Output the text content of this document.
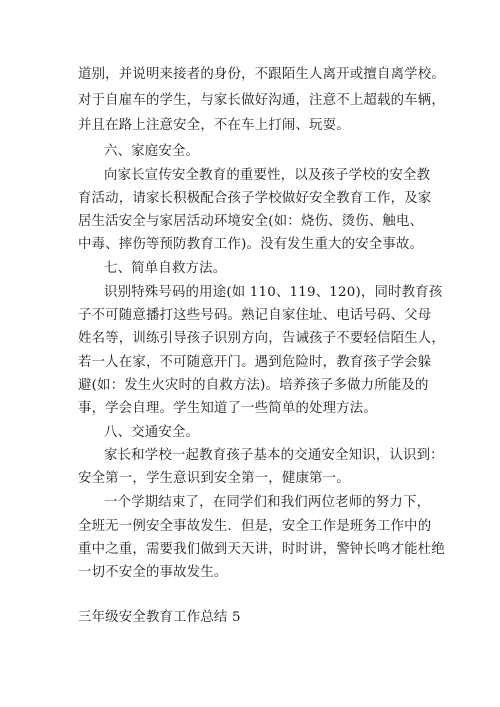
道别，并说明来接者的身份，不跟陌生人离开或擅自离学校。
对于自雇车的学生，与家长做好沟通，注意不上超载的车辆，
并且在路上注意安全，不在车上打闹、玩耍。
六、家庭安全。
向家长宣传安全教育的重要性，以及孩子学校的安全教
育活动，请家长积极配合孩子学校做好安全教育工作，及家
居生活安全与家居活动环境安全(如：烧伤、烫伤、触电、
中毒、摔伤等预防教育工作)。没有发生重大的安全事故。
七、简单自救方法。
识别特殊号码的用途(如 110、119、120)，同时教育孩
子不可随意播打这些号码。熟记自家住址、电话号码、父母
姓名等，训练引导孩子识别方向，告诫孩子不要轻信陌生人，
若一人在家，不可随意开门。遇到危险时，教育孩子学会躲
避(如：发生火灾时的自救方法)。培养孩子多做力所能及的
事，学会自理。学生知道了一些简单的处理方法。
八、交通安全。
家长和学校一起教育孩子基本的交通安全知识，认识到：
安全第一，学生意识到安全第一，健康第一。
一个学期结束了，在同学们和我们两位老师的努力下，
全班无一例安全事故发生．但是，安全工作是班务工作中的
重中之重，需要我们做到天天讲，时时讲，警钟长鸣才能杜绝
一切不安全的事故发生。
三年级安全教育工作总结 5
